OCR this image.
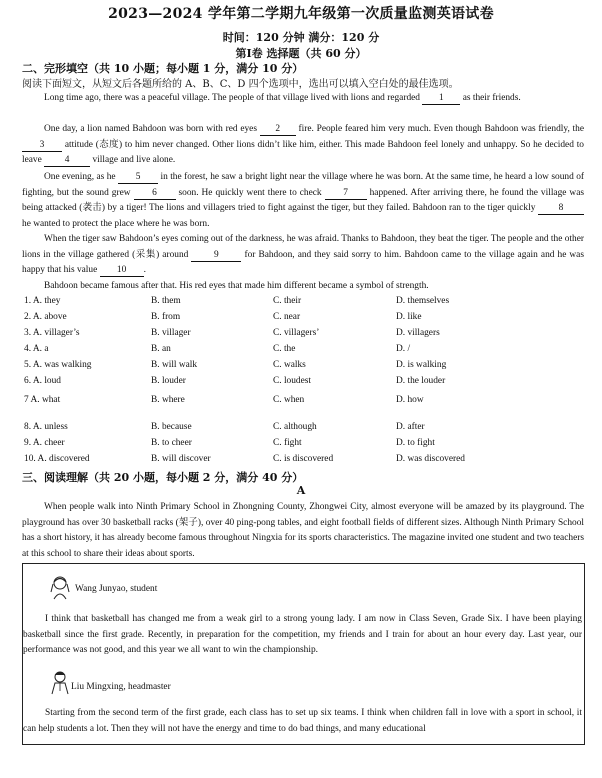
2023—2024 学年第二学期九年级第一次质量监测英语试卷
时间：120 分钟 满分：120 分
第Ⅰ卷 选择题（共 60 分）
二、完形填空（共 10 小题；每小题 1 分，满分 10 分）
阅读下面短文，从短文后各题所给的 A、B、C、D 四个选项中，选出可以填入空白处的最佳选项。
Long time ago, there was a peaceful village. The people of that village lived with lions and regarded 1 as their friends.
One day, a lion named Bahdoon was born with red eyes 2 fire. People feared him very much. Even though Bahdoon was friendly, the 3 attitude (态度) to him never changed. Other lions didn’t like him, either. This made Bahdoon feel lonely and unhappy. So he decided to leave 4 village and live alone.
One evening, as he 5 in the forest, he saw a bright light near the village where he was born. At the same time, he heard a low sound of fighting, but the sound grew 6 soon. He quickly went there to check 7 happened. After arriving there, he found the village was being attacked (袭击) by a tiger! The lions and villagers tried to fight against the tiger, but they failed. Bahdoon ran to the tiger quickly 8 he wanted to protect the place where he was born.
When the tiger saw Bahdoon’s eyes coming out of the darkness, he was afraid. Thanks to Bahdoon, they beat the tiger. The people and the other lions in the village gathered (采集) around	9	for Bahdoon, and they said sorry to him. Bahdoon came to the village again and he was happy that his value 10 .
Bahdoon became famous after that. His red eyes that made him different became a symbol of strength.
1. A. they	B. them	C. their	D. themselves
2. A. above	B. from	C. near	D. like
3. A. villager’s	B. villager	C. villagers’	D. villagers
4. A. a	B. an	C. the	D. /
5. A. was walking	B. will walk	C. walks	D. is walking
6. A. loud	B. louder	C. loudest	D. the louder
7 A. what	B. where	C. when	D. how
8. A. unless	B. because	C. although	D. after
9. A. cheer	B. to cheer	C. fight	D. to fight
10. A. discovered	B. will discover	C. is discovered	D. was discovered
三、阅读理解（共 20 小题，每小题 2 分，满分 40 分）
A
When people walk into Ninth Primary School in Zhongning County, Zhongwei City, almost everyone will be amazed by its playground. The playground has over 30 basketball racks (架子), over 40 ping-pong tables, and eight football fields of different sizes. Although Ninth Primary School has a short history, it has already become famous throughout Ningxia for its sports characteristics. The magazine invited one student and two teachers at this school to share their ideas about sports.
Wang Junyao, student
I think that basketball has changed me from a weak girl to a strong young lady. I am now in Class Seven, Grade Six. I have been playing basketball since the first grade. Recently, in preparation for the competition, my friends and I train for about an hour every day. Last year, our performance was not good, and this year we all want to win the championship.
Liu Mingxing, headmaster
Starting from the second term of the first grade, each class has to set up six teams. I think when children fall in love with a sport in school, it can help students a lot. Then they will not have the energy and time to do bad things, and many educational
